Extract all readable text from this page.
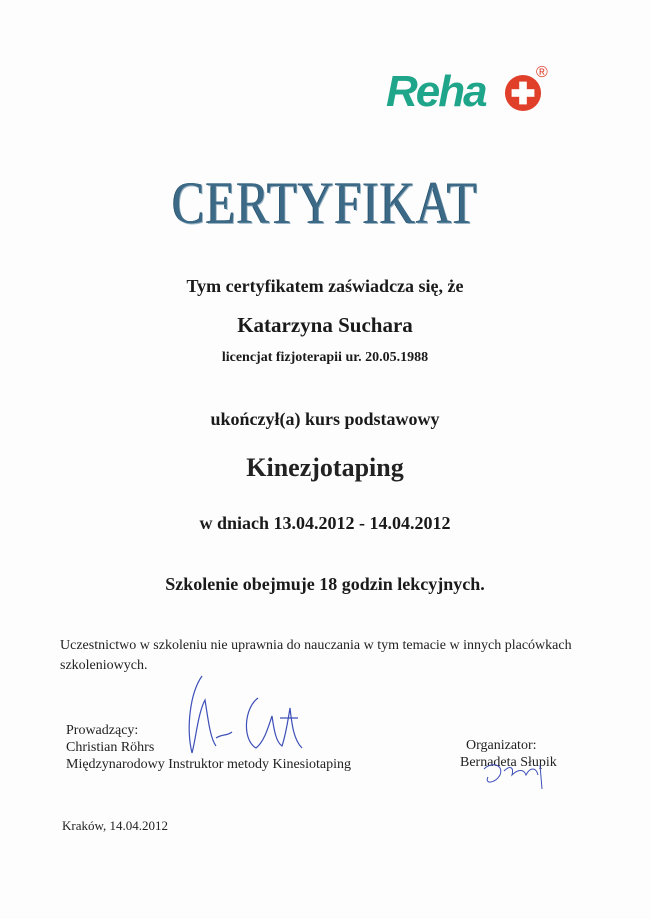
Reha	®
CERTYFIKAT
Tym certyfikatem zaświadcza się, że
Katarzyna Suchara
licencjat fizjoterapii ur. 20.05.1988
ukończył(a) kurs podstawowy
Kinezjotaping
w dniach 13.04.2012 - 14.04.2012
Szkolenie obejmuje 18 godzin lekcyjnych.
Uczestnictwo w szkoleniu nie uprawnia do nauczania w tym temacie w innych placówkach szkoleniowych.
Prowadzący:
Christian Röhrs
Międzynarodowy Instruktor metody Kinesiotaping
Organizator:
Bernadeta Słupik
Kraków, 14.04.2012
